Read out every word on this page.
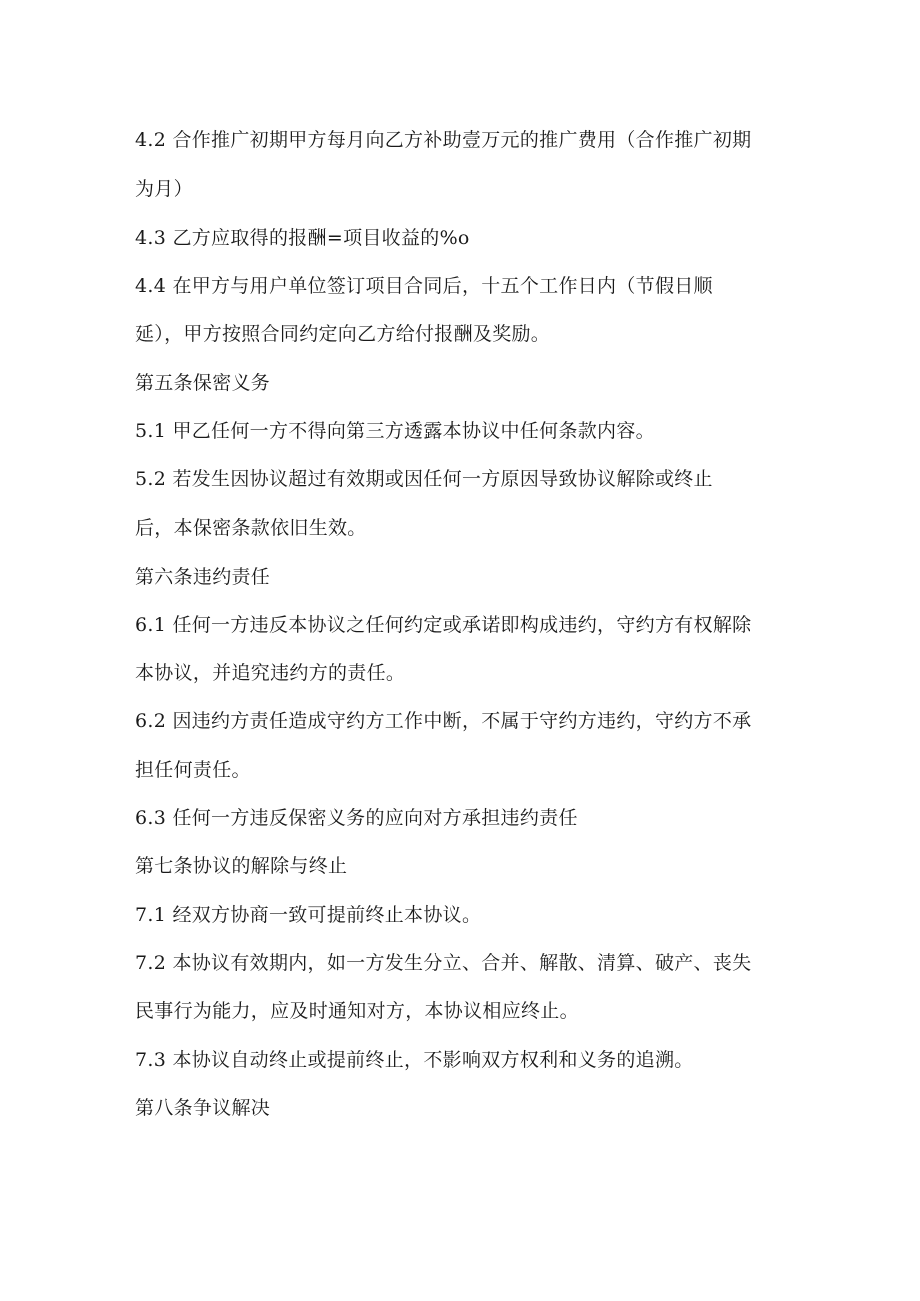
4.2 合作推广初期甲方每月向乙方补助壹万元的推广费用（合作推广初期
为月）
4.3 乙方应取得的报酬=项目收益的%o
4.4 在甲方与用户单位签订项目合同后，十五个工作日内（节假日顺
延），甲方按照合同约定向乙方给付报酬及奖励。
第五条保密义务
5.1 甲乙任何一方不得向第三方透露本协议中任何条款内容。
5.2 若发生因协议超过有效期或因任何一方原因导致协议解除或终止
后，本保密条款依旧生效。
第六条违约责任
6.1 任何一方违反本协议之任何约定或承诺即构成违约，守约方有权解除
本协议，并追究违约方的责任。
6.2 因违约方责任造成守约方工作中断，不属于守约方违约，守约方不承
担任何责任。
6.3 任何一方违反保密义务的应向对方承担违约责任
第七条协议的解除与终止
7.1 经双方协商一致可提前终止本协议。
7.2 本协议有效期内，如一方发生分立、合并、解散、清算、破产、丧失
民事行为能力，应及时通知对方，本协议相应终止。
7.3 本协议自动终止或提前终止，不影响双方权利和义务的追溯。
第八条争议解决
